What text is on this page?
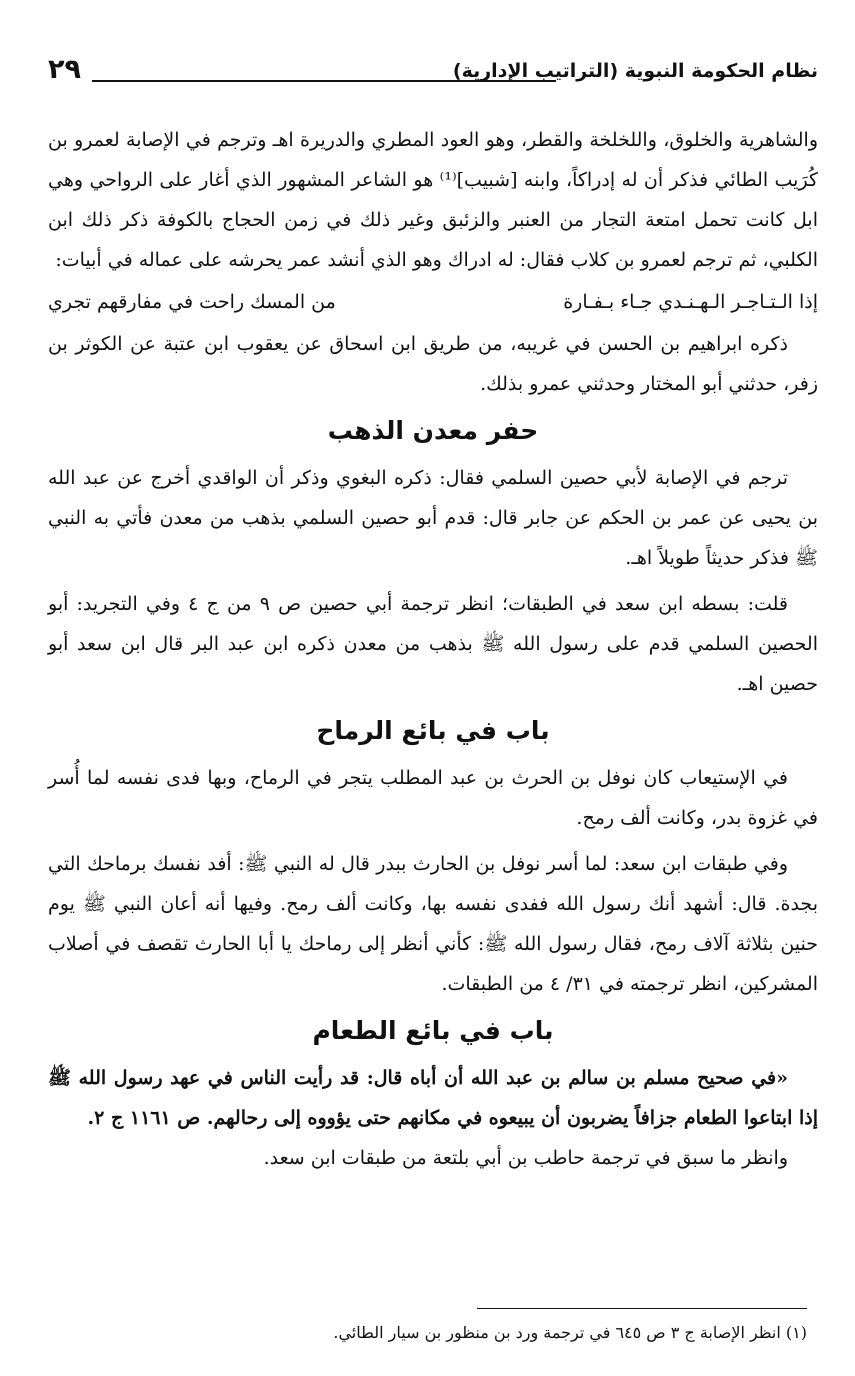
نظام الحكومة النبوية (التراتيب الإدارية)
٢٩

والشاهرية والخلوق، واللخلخة والقطر، وهو العود المطري والدريرة اهـ وترجم في الإصابة لعمرو بن كُرَيب الطائي فذكر أن له إدراكاً، وابنه [شبيب]⁽¹⁾ هو الشاعر المشهور الذي أغار على الرواحي وهي ابل كانت تحمل امتعة التجار من العنبر والزئبق وغير ذلك في زمن الحجاج بالكوفة ذكر ذلك ابن الكلبي، ثم ترجم لعمرو بن كلاب فقال: له ادراك وهو الذي أنشد عمر يحرشه على عماله في أبيات:

إذا الـتـاجـر الـهـنـدي جـاء بـفـارة
من المسك راحت في مفارقهم تجري

ذكره ابراهيم بن الحسن في غريبه، من طريق ابن اسحاق عن يعقوب ابن عتبة عن الكوثر بن زفر، حدثني أبو المختار وحدثني عمرو بذلك.

حفر معدن الذهب

ترجم في الإصابة لأبي حصين السلمي فقال: ذكره البغوي وذكر أن الواقدي أخرج عن عبد الله بن يحيى عن عمر بن الحكم عن جابر قال: قدم أبو حصين السلمي بذهب من معدن فأتي به النبي ﷺ فذكر حديثاً طويلاً اهـ.

قلت: بسطه ابن سعد في الطبقات؛ انظر ترجمة أبي حصين ص ٩ من ج ٤ وفي التجريد: أبو الحصين السلمي قدم على رسول الله ﷺ بذهب من معدن ذكره ابن عبد البر قال ابن سعد أبو حصين اهـ.

باب في بائع الرماح

في الإستيعاب كان نوفل بن الحرث بن عبد المطلب يتجر في الرماح، وبها فدى نفسه لما أُسر في غزوة بدر، وكانت ألف رمح.

وفي طبقات ابن سعد: لما أسر نوفل بن الحارث ببدر قال له النبي ﷺ: أفد نفسك برماحك التي بجدة. قال: أشهد أنك رسول الله ففدى نفسه بها، وكانت ألف رمح. وفيها أنه أعان النبي ﷺ يوم حنين بثلاثة آلاف رمح، فقال رسول الله ﷺ: كأني أنظر إلى رماحك يا أبا الحارث تقصف في أصلاب المشركين، انظر ترجمته في ٣١/ ٤ من الطبقات.

باب في بائع الطعام

«في صحيح مسلم بن سالم بن عبد الله أن أباه قال: قد رأيت الناس في عهد رسول الله ﷺ إذا ابتاعوا الطعام جزافاً يضربون أن يبيعوه في مكانهم حتى يؤووه إلى رحالهم. ص ١١٦١ ج ٢.

وانظر ما سبق في ترجمة حاطب بن أبي بلتعة من طبقات ابن سعد.

(١) انظر الإصابة ج ٣ ص ٦٤٥ في ترجمة ورد بن منظور بن سيار الطائي.
